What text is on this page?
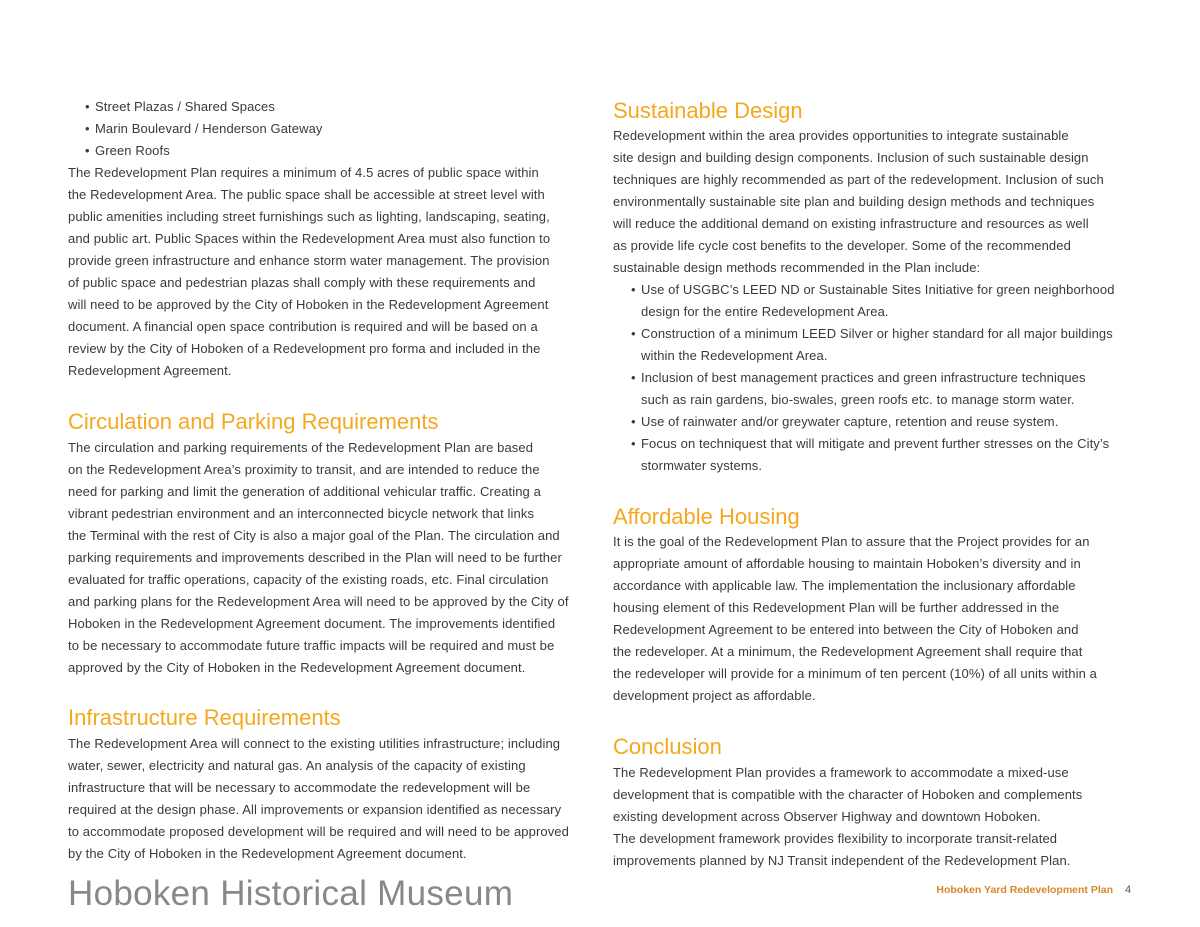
• Street Plazas / Shared Spaces
• Marin Boulevard / Henderson Gateway
• Green Roofs
The Redevelopment Plan requires a minimum of 4.5 acres of public space within
the Redevelopment Area. The public space shall be accessible at street level with
public amenities including street furnishings such as lighting, landscaping, seating,
and public art. Public Spaces within the Redevelopment Area must also function to
provide green infrastructure and enhance storm water management. The provision
of public space and pedestrian plazas shall comply with these requirements and
will need to be approved by the City of Hoboken in the Redevelopment Agreement
document. A financial open space contribution is required and will be based on a
review by the City of Hoboken of a Redevelopment pro forma and included in the
Redevelopment Agreement.
Circulation and Parking Requirements
The circulation and parking requirements of the Redevelopment Plan are based
on the Redevelopment Area’s proximity to transit, and are intended to reduce the
need for parking and limit the generation of additional vehicular traffic. Creating a
vibrant pedestrian environment and an interconnected bicycle network that links
the Terminal with the rest of City is also a major goal of the Plan. The circulation and
parking requirements and improvements described in the Plan will need to be further
evaluated for traffic operations, capacity of the existing roads, etc. Final circulation
and parking plans for the Redevelopment Area will need to be approved by the City of
Hoboken in the Redevelopment Agreement document. The improvements identified
to be necessary to accommodate future traffic impacts will be required and must be
approved by the City of Hoboken in the Redevelopment Agreement document.
Infrastructure Requirements
The Redevelopment Area will connect to the existing utilities infrastructure; including
water, sewer, electricity and natural gas. An analysis of the capacity of existing
infrastructure that will be necessary to accommodate the redevelopment will be
required at the design phase. All improvements or expansion identified as necessary
to accommodate proposed development will be required and will need to be approved
by the City of Hoboken in the Redevelopment Agreement document.
Sustainable Design
Redevelopment within the area provides opportunities to integrate sustainable
site design and building design components. Inclusion of such sustainable design
techniques are highly recommended as part of the redevelopment. Inclusion of such
environmentally sustainable site plan and building design methods and techniques
will reduce the additional demand on existing infrastructure and resources as well
as provide life cycle cost benefits to the developer. Some of the recommended
sustainable design methods recommended in the Plan include:
• Use of USGBC’s LEED ND or Sustainable Sites Initiative for green neighborhood
design for the entire Redevelopment Area.
• Construction of a minimum LEED Silver or higher standard for all major buildings
within the Redevelopment Area.
• Inclusion of best management practices and green infrastructure techniques
such as rain gardens, bio-swales, green roofs etc. to manage storm water.
• Use of rainwater and/or greywater capture, retention and reuse system.
• Focus on techniquest that will mitigate and prevent further stresses on the City’s
stormwater systems.
Affordable Housing
It is the goal of the Redevelopment Plan to assure that the Project provides for an
appropriate amount of affordable housing to maintain Hoboken’s diversity and in
accordance with applicable law. The implementation the inclusionary affordable
housing element of this Redevelopment Plan will be further addressed in the
Redevelopment Agreement to be entered into between the City of Hoboken and
the redeveloper. At a minimum, the Redevelopment Agreement shall require that
the redeveloper will provide for a minimum of ten percent (10%) of all units within a
development project as affordable.
Conclusion
The Redevelopment Plan provides a framework to accommodate a mixed-use
development that is compatible with the character of Hoboken and complements
existing development across Observer Highway and downtown Hoboken.
The development framework provides flexibility to incorporate transit-related
improvements planned by NJ Transit independent of the Redevelopment Plan.
Hoboken Historical Museum	Hoboken Yard Redevelopment Plan 4
